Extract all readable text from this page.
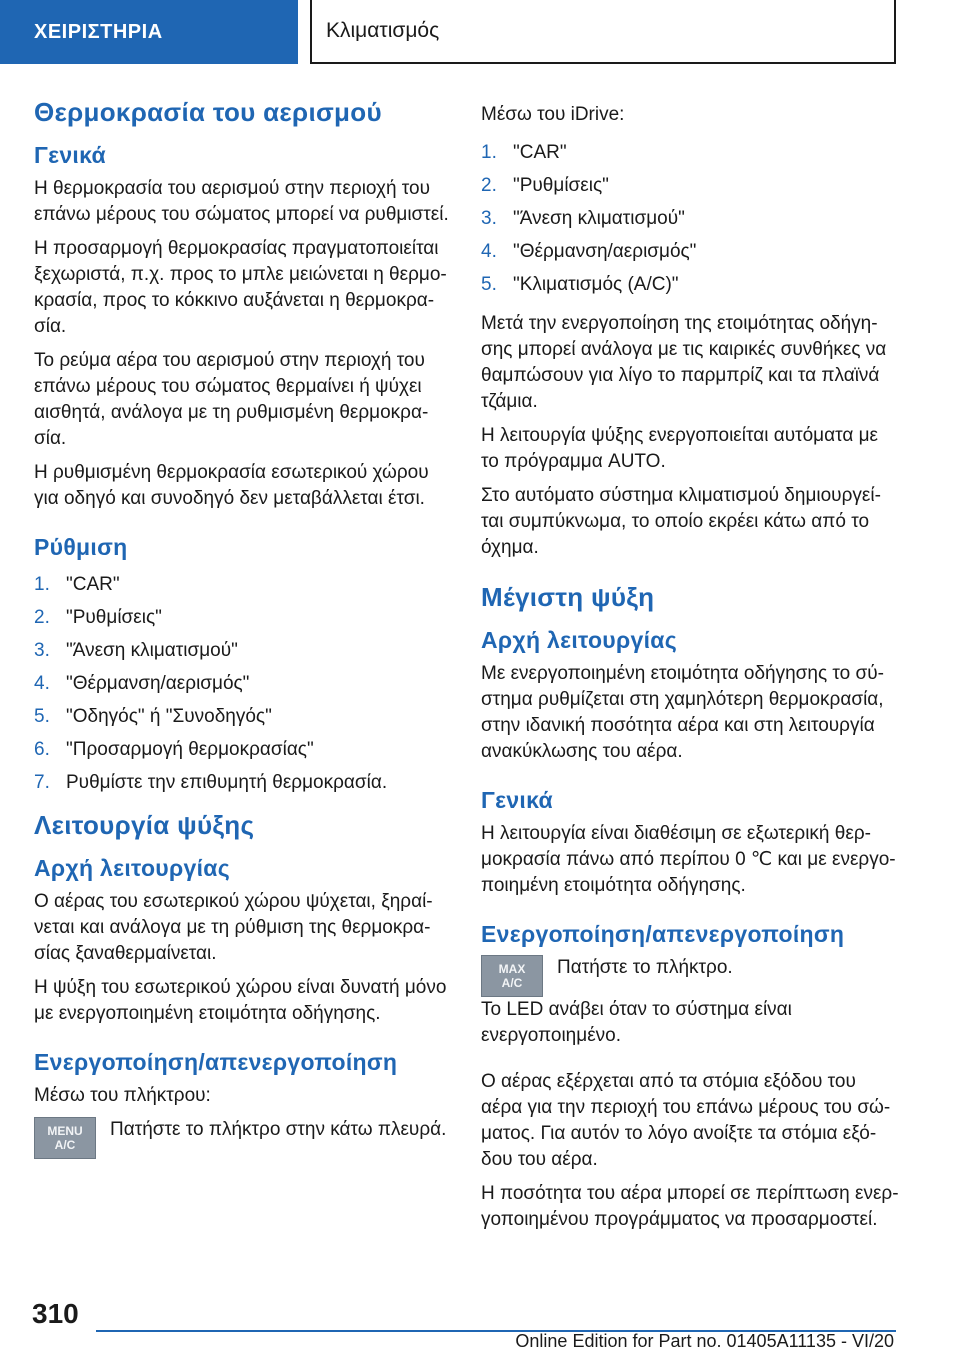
ΧΕΙΡΙΣΤΗΡΙΑ	Κλιματισμός
Θερμοκρασία του αερισμού
Γενικά

Η θερμοκρασία του αερισμού στην περιοχή του επάνω μέρους του σώματος μπορεί να ρυθμιστεί.

Η προσαρμογή θερμοκρασίας πραγματοποιείται ξεχωριστά, π.χ. προς το μπλε μειώνεται η θερμο-κρασία, προς το κόκκινο αυξάνεται η θερμοκρα-σία.

Το ρεύμα αέρα του αερισμού στην περιοχή του επάνω μέρους του σώματος θερμαίνει ή ψύχει αισθητά, ανάλογα με τη ρυθμισμένη θερμοκρα-σία.

Η ρυθμισμένη θερμοκρασία εσωτερικού χώρου για οδηγό και συνοδηγό δεν μεταβάλλεται έτσι.

Ρύθμιση
1. "CAR"
2. "Ρυθμίσεις"
3. "Άνεση κλιματισμού"
4. "Θέρμανση/αερισμός"
5. "Οδηγός" ή "Συνοδηγός"
6. "Προσαρμογή θερμοκρασίας"
7. Ρυθμίστε την επιθυμητή θερμοκρασία.
Λειτουργία ψύξης
Αρχή λειτουργίας

Ο αέρας του εσωτερικού χώρου ψύχεται, ξηραί-νεται και ανάλογα με τη ρύθμιση της θερμοκρα-σίας ξαναθερμαίνεται.

Η ψύξη του εσωτερικού χώρου είναι δυνατή μόνο με ενεργοποιημένη ετοιμότητα οδήγησης.

Ενεργοποίηση/απενεργοποίηση

Μέσω του πλήκτρου:

MENU
A/C

Πατήστε το πλήκτρο στην κάτω πλευρά.

Μέσω του iDrive:

1. "CAR"
2. "Ρυθμίσεις"
3. "Άνεση κλιματισμού"
4. "Θέρμανση/αερισμός"
5. "Κλιματισμός (A/C)"

Μετά την ενεργοποίηση της ετοιμότητας οδήγη-σης μπορεί ανάλογα με τις καιρικές συνθήκες να θαμπώσουν για λίγο το παρμπρίζ και τα πλαϊνά τζάμια.

Η λειτουργία ψύξης ενεργοποιείται αυτόματα με το πρόγραμμα AUTO.

Στο αυτόματο σύστημα κλιματισμού δημιουργεί-ται συμπύκνωμα, το οποίο εκρέει κάτω από το όχημα.

Μέγιστη ψύξη
Αρχή λειτουργίας

Με ενεργοποιημένη ετοιμότητα οδήγησης το σύ-στημα ρυθμίζεται στη χαμηλότερη θερμοκρασία, στην ιδανική ποσότητα αέρα και στη λειτουργία ανακύκλωσης του αέρα.

Γενικά

Η λειτουργία είναι διαθέσιμη σε εξωτερική θερ-μοκρασία πάνω από περίπου 0 ℃ και με ενεργο-ποιημένη ετοιμότητα οδήγησης.

Ενεργοποίηση/απενεργοποίηση
MAX
A/C

Πατήστε το πλήκτρο.

Το LED ανάβει όταν το σύστημα είναι ενεργοποιημένο.

Ο αέρας εξέρχεται από τα στόμια εξόδου του αέρα για την περιοχή του επάνω μέρους του σώ-ματος. Για αυτόν το λόγο ανοίξτε τα στόμια εξό-δου του αέρα.

Η ποσότητα του αέρα μπορεί σε περίπτωση ενερ-γοποιημένου προγράμματος να προσαρμοστεί.

310
Online Edition for Part no. 01405A11135 - VI/20
